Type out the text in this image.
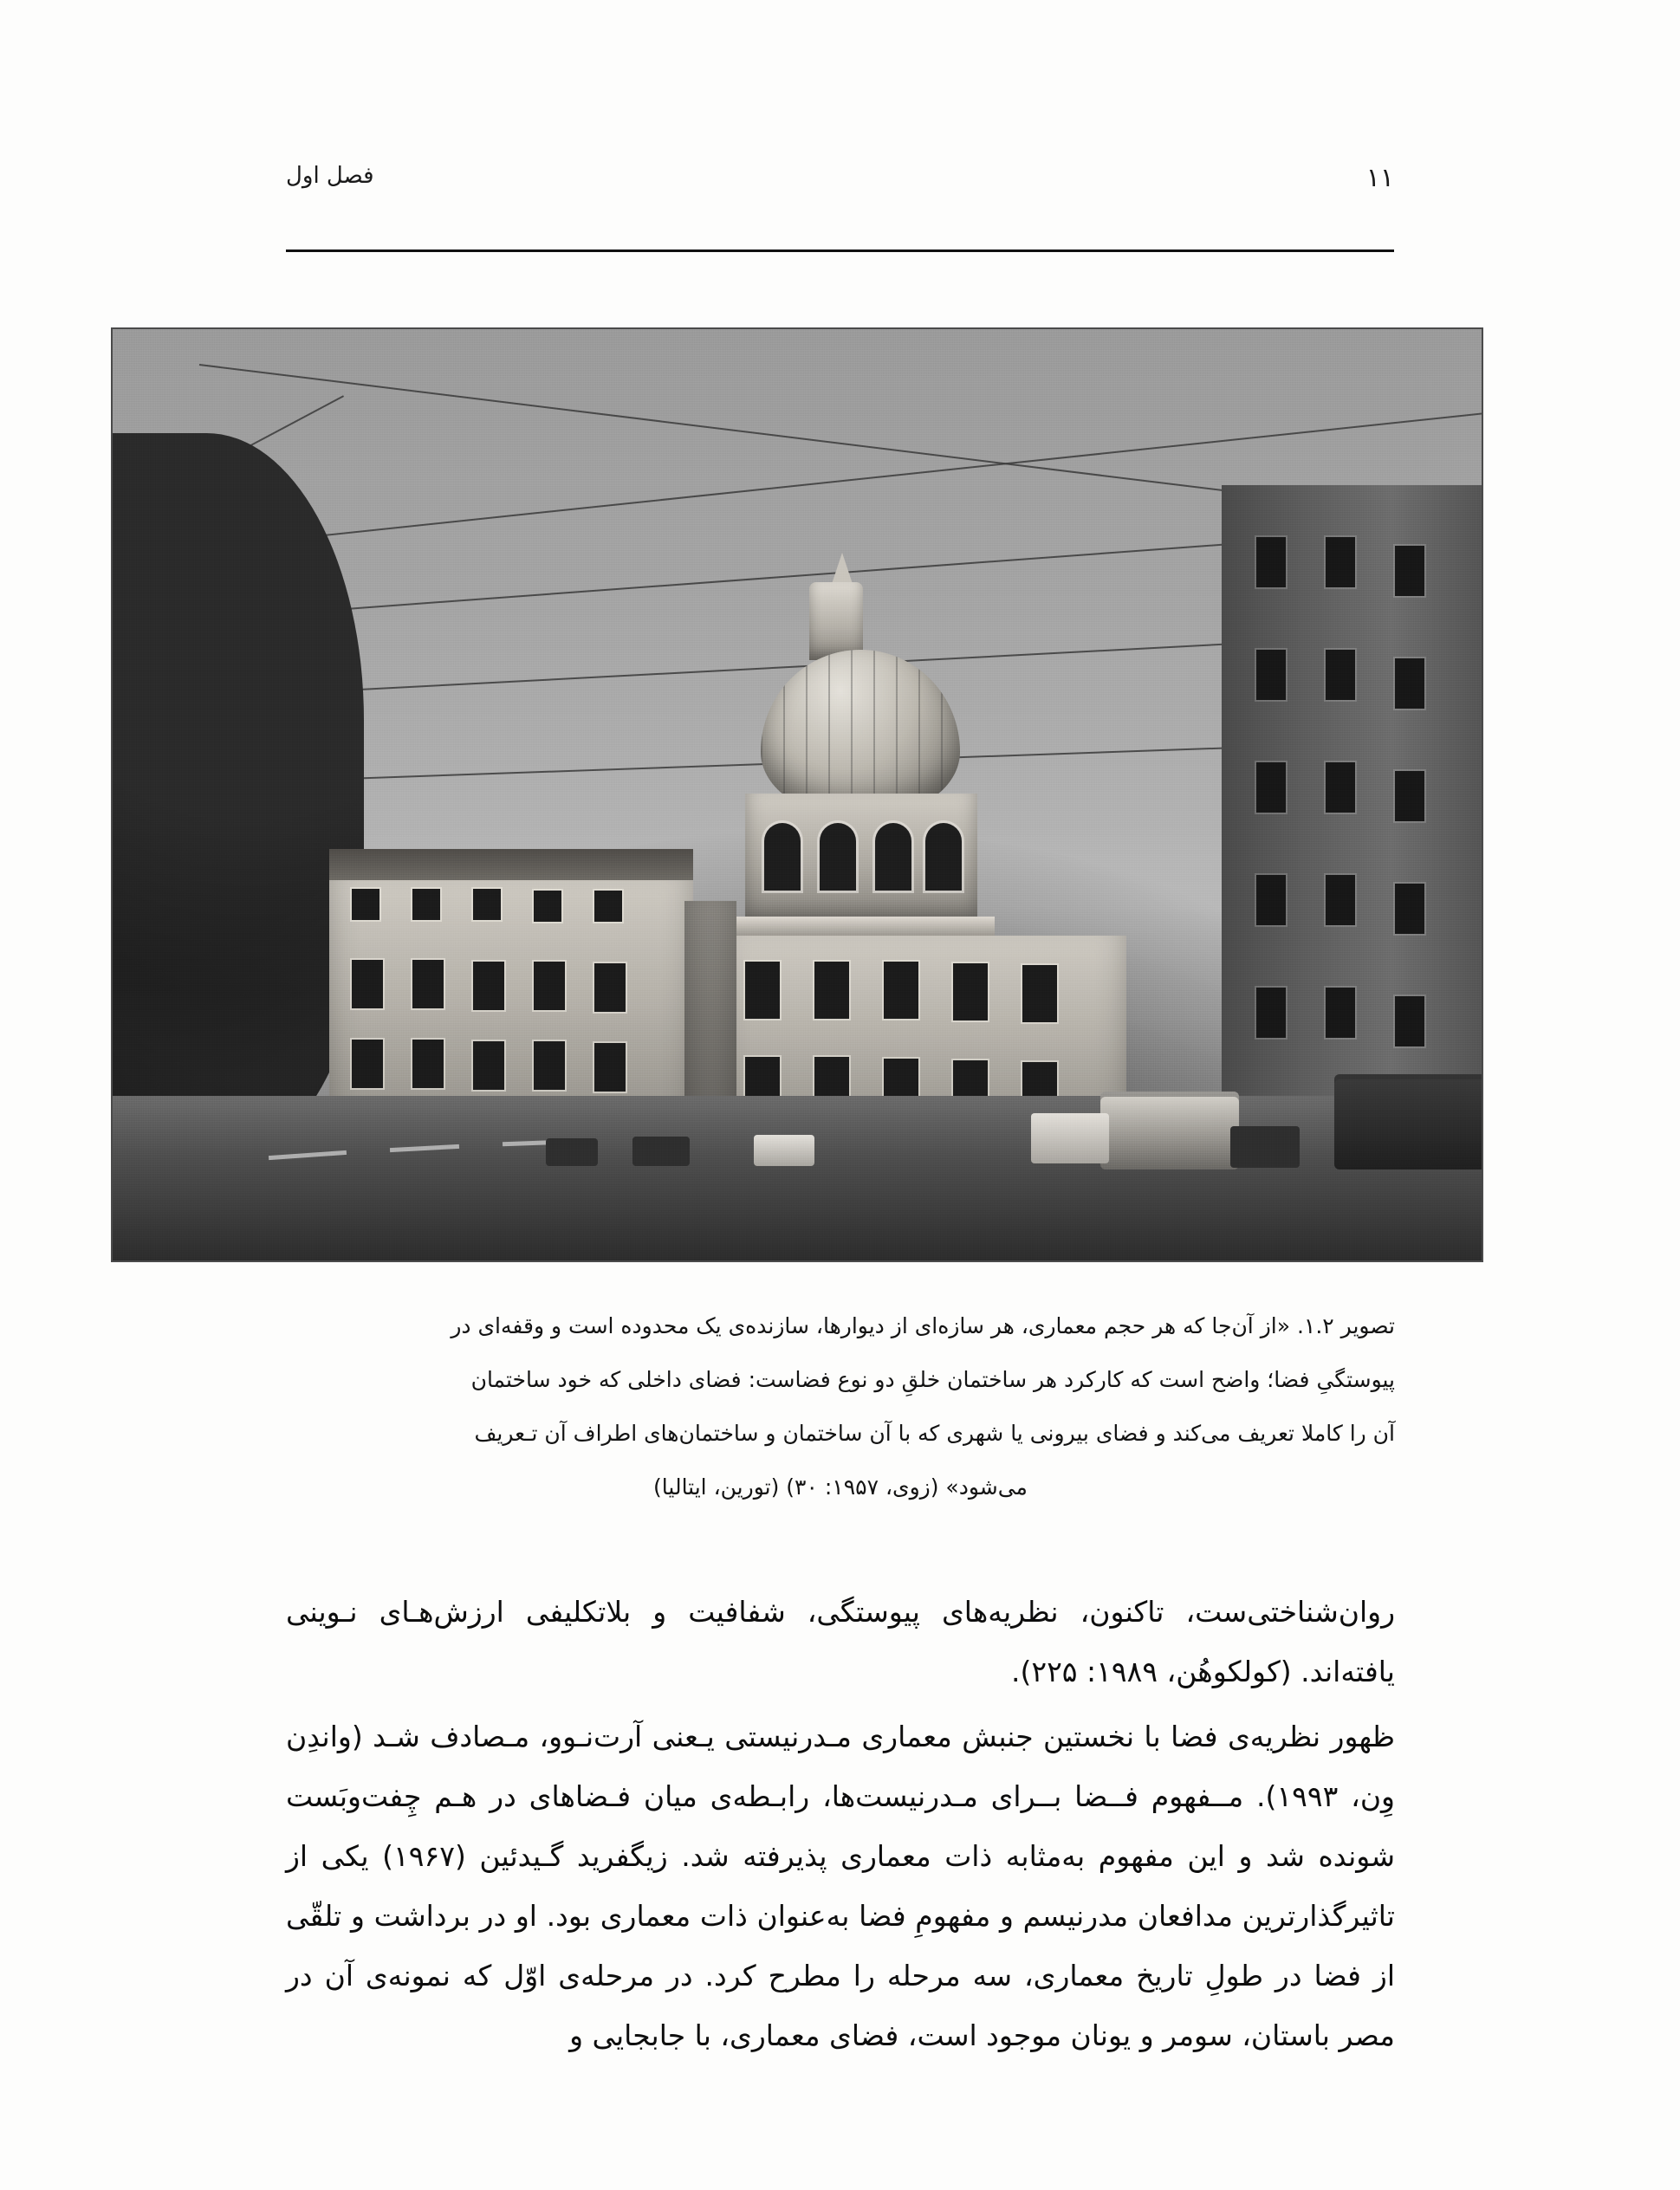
فصل اول	۱۱

تصویر ۱.۲. «از آن‌جا که هر حجم معماری، هر سازه‌ای از دیوارها، سازنده‌ی یک محدوده است و وقفه‌ای در

پیوستگیِ فضا؛ واضح است که کارکرد هر ساختمان خلقِ دو نوع فضاست: فضای داخلی که خود ساختمان

آن را کاملا تعریف می‌کند و فضای بیرونی یا شهری که با آن ساختمان و ساختمان‌های اطراف آن تـعریف

می‌شود» (زوی، ۱۹۵۷: ۳۰) (تورین، ایتالیا)

روان‌شناختی‌ست، تاکنون، نظریه‌های پیوستگی، شفافیت و بلاتکلیفی ارزش‌هـای نـوینی یافته‌اند. (کولکوهُن، ۱۹۸۹: ۲۲۵).

ظهور نظریه‌ی فضا با نخستین جنبش معماری مـدرنیستی یـعنی آرت‌نـوو، مـصادف شـد (واندِن وِن، ۱۹۹۳). مــفهوم فــضا بــرای مـدرنیست‌ها، رابـطه‌ی میان فـضاهای در هـم چِفت‌وبَست شونده شد و این مفهوم به‌مثابه ذات معماری پذیرفته شد. زیگفرید گـیدئین (۱۹۶۷) یکی از تاثیرگذارترین مدافعان مدرنیسم و مفهومِ فضا به‌عنوان ذات معماری بود. او در برداشت و تلقّی از فضا در طولِ تاریخ معماری، سه مرحله را مطرح کرد. در مرحله‌ی اوّل که نمونه‌ی آن در مصر باستان، سومر و یونان موجود است، فضای معماری، با جابجایی و
